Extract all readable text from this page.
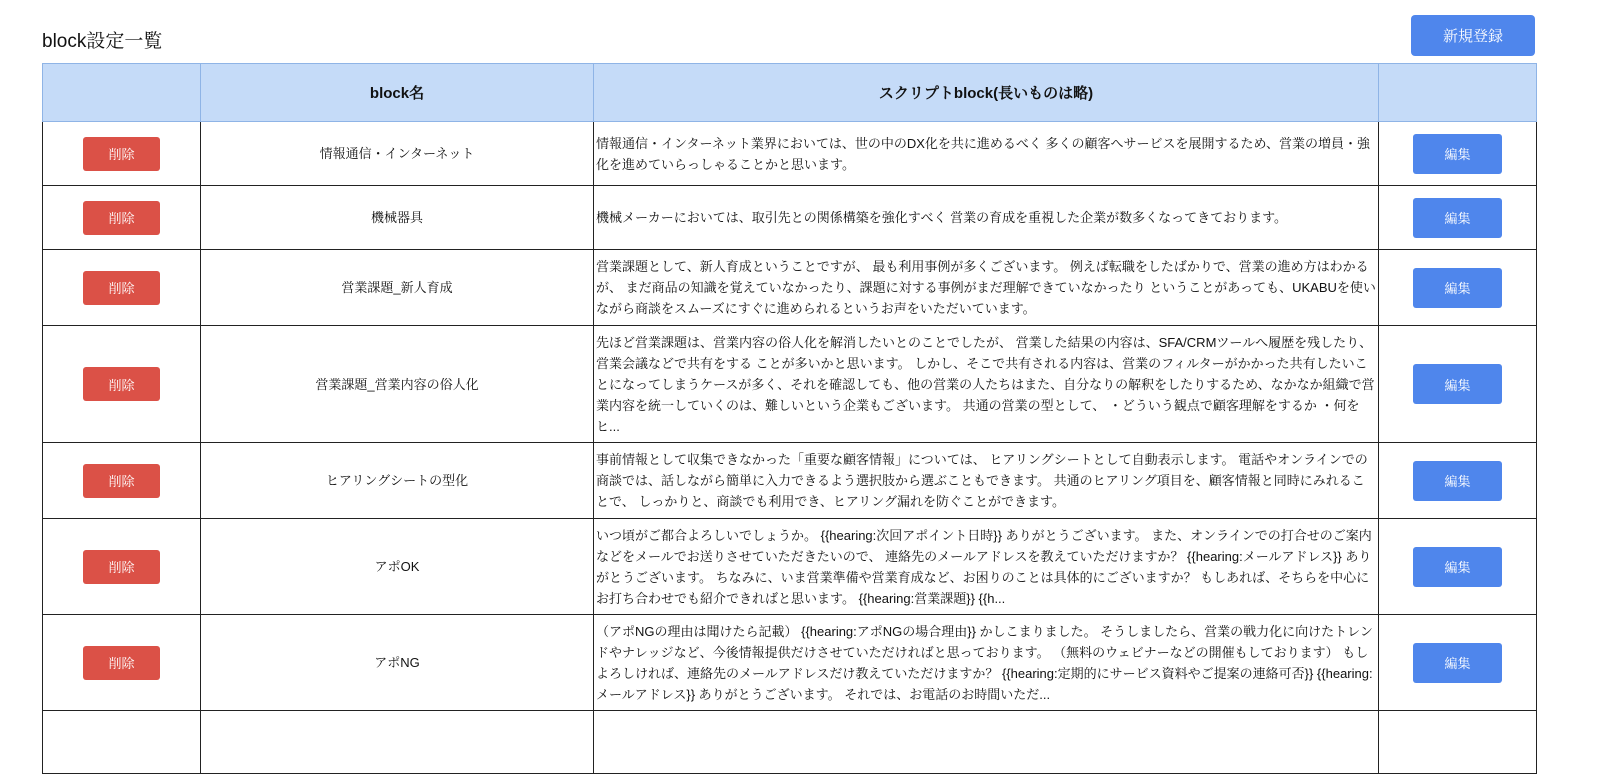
block設定一覧	新規登録
	block名	スクリプトblock(長いものは略)	
削除	情報通信・インターネット	情報通信・インターネット業界においては、世の中のDX化を共に進めるべく 多くの顧客へサービスを展開するため、営業の増員・強化を進めていらっしゃることかと思います。	編集
削除	機械器具	機械メーカーにおいては、取引先との関係構築を強化すべく 営業の育成を重視した企業が数多くなってきております。	編集
削除	営業課題_新人育成	営業課題として、新人育成ということですが、 最も利用事例が多くございます。 例えば転職をしたばかりで、営業の進め方はわかるが、 まだ商品の知識を覚えていなかったり、課題に対する事例がまだ理解できていなかったり ということがあっても、UKABUを使いながら商談をスムーズにすぐに進められるというお声をいただいています。	編集
削除	営業課題_営業内容の俗人化	先ほど営業課題は、営業内容の俗人化を解消したいとのことでしたが、 営業した結果の内容は、SFA/CRMツールへ履歴を残したり、営業会議などで共有をする ことが多いかと思います。 しかし、そこで共有される内容は、営業のフィルターがかかった共有したいことになってしまうケースが多く、それを確認しても、他の営業の人たちはまた、自分なりの解釈をしたりするため、なかなか組織で営業内容を統一していくのは、難しいという企業もございます。 共通の営業の型として、 ・どういう観点で顧客理解をするか ・何をヒ...	編集
削除	ヒアリングシートの型化	事前情報として収集できなかった「重要な顧客情報」については、 ヒアリングシートとして自動表示します。 電話やオンラインでの商談では、話しながら簡単に入力できるよう選択肢から選ぶこともできます。 共通のヒアリング項目を、顧客情報と同時にみれることで、 しっかりと、商談でも利用でき、ヒアリング漏れを防ぐことができます。	編集
削除	アポOK	いつ頃がご都合よろしいでしょうか。 {{hearing:次回アポイント日時}} ありがとうございます。 また、オンラインでの打合せのご案内などをメールでお送りさせていただきたいので、 連絡先のメールアドレスを教えていただけますか？ {{hearing:メールアドレス}} ありがとうございます。 ちなみに、いま営業準備や営業育成など、お困りのことは具体的にございますか？ もしあれば、そちらを中心にお打ち合わせでも紹介できればと思います。 {{hearing:営業課題}} {{h...	編集
削除	アポNG	（アポNGの理由は聞けたら記載） {{hearing:アポNGの場合理由}} かしこまりました。 そうしましたら、営業の戦力化に向けたトレンドやナレッジなど、今後情報提供だけさせていただければと思っております。 （無料のウェビナーなどの開催もしております） もしよろしければ、連絡先のメールアドレスだけ教えていただけますか？ {{hearing:定期的にサービス資料やご提案の連絡可否}} {{hearing:メールアドレス}} ありがとうございます。 それでは、お電話のお時間いただ...	編集
